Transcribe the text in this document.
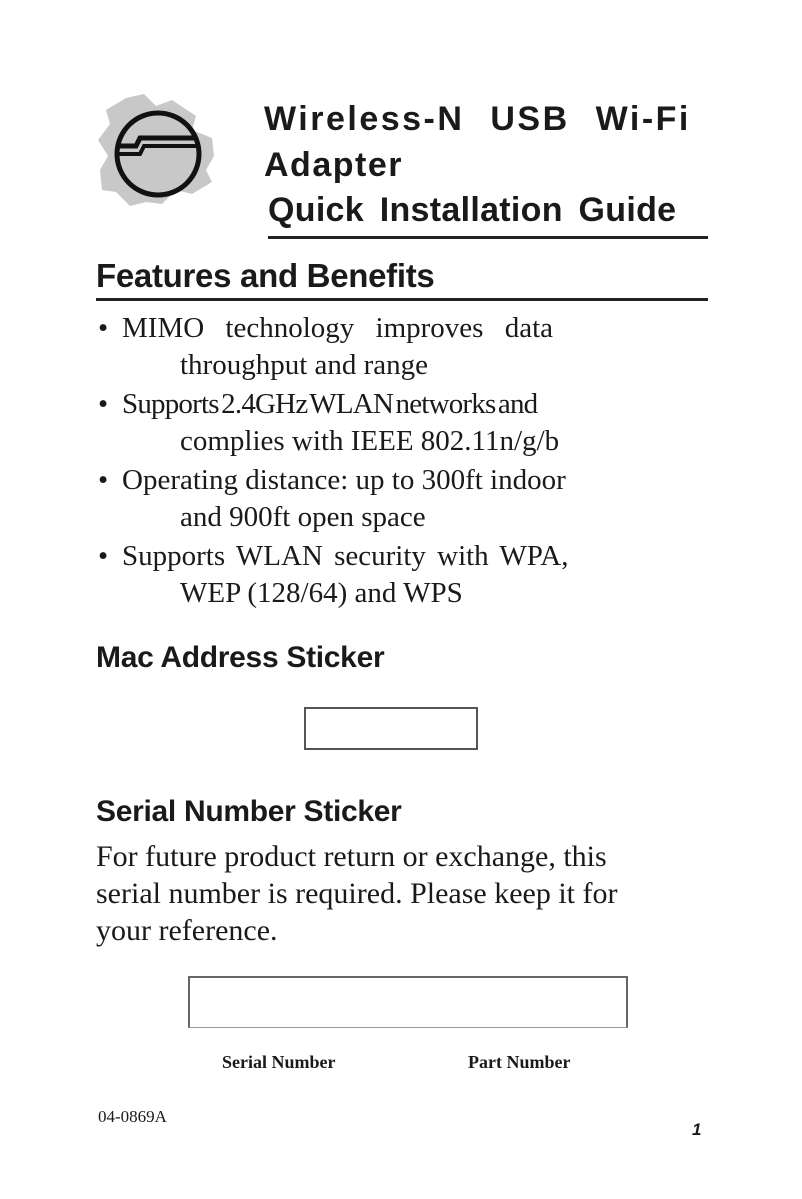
Wireless-N USB Wi-Fi
Adapter
Quick Installation Guide
Features and Benefits
• MIMO technology improves data
throughput and range
• Supports 2.4GHz WLAN networks and
complies with IEEE 802.11n/g/b
• Operating distance: up to 300ft indoor
and 900ft open space
• Supports WLAN security with WPA,
WEP (128/64) and WPS
Mac Address Sticker
Serial Number Sticker
For future product return or exchange, this
serial number is required. Please keep it for
your reference.
Serial Number	Part Number
04-0869A
1
